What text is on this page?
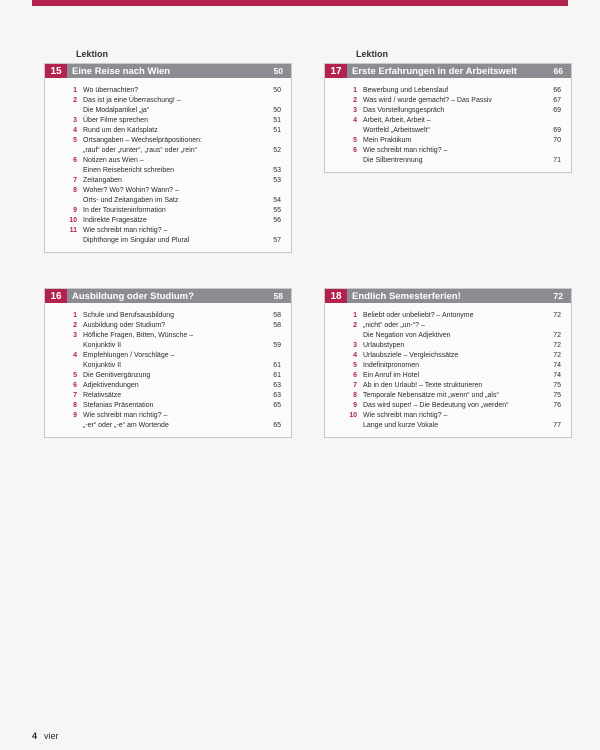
Lektion	Lektion
15	Eine Reise nach Wien	50
1 Wo übernachten?	50
2 Das ist ja eine Überraschung! –
Die Modalpartikel „ja“	50
3 Über Filme sprechen	51
4 Rund um den Karlsplatz	51
5 Ortsangaben – Wechselpräpositionen:
„rauf“ oder „runter“, „raus“ oder „rein“	52
6 Notizen aus Wien –
Einen Reisebericht schreiben	53
7 Zeitangaben	53
8 Woher? Wo? Wohin? Wann? –
Orts- und Zeitangaben im Satz	54
9 In der Touristeninformation	55
10 Indirekte Fragesätze	56
11 Wie schreibt man richtig? –
Diphthonge im Singular und Plural	57
17	Erste Erfahrungen in der Arbeitswelt	66
1 Bewerbung und Lebenslauf	66
2 Was wird / wurde gemacht? – Das Passiv	67
3 Das Vorstellungsgespräch	69
4 Arbeit, Arbeit, Arbeit –
Wortfeld „Arbeitswelt“	69
5 Mein Praktikum	70
6 Wie schreibt man richtig? –
Die Silbentrennung	71
16	Ausbildung oder Studium?	58
1 Schule und Berufsausbildung	58
2 Ausbildung oder Studium?	58
3 Höfliche Fragen, Bitten, Wünsche –
Konjunktiv II	59
4 Empfehlungen / Vorschläge –
Konjunktiv II	61
5 Die Genitivergänzung	61
6 Adjektivendungen	63
7 Relativsätze	63
8 Stefanias Präsentation	65
9 Wie schreibt man richtig? –
„-er“ oder „-e“ am Wortende	65
18	Endlich Semesterferien!	72
1 Beliebt oder unbeliebt? – Antonyme	72
2 „nicht“ oder „un-“? –
Die Negation von Adjektiven	72
3 Urlaubstypen	72
4 Urlaubsziele – Vergleichssätze	72
5 Indefinitpronomen	74
6 Ein Anruf im Hotel	74
7 Ab in den Urlaub! – Texte strukturieren	75
8 Temporale Nebensätze mit „wenn“ und „als“	75
9 Das wird super! – Die Bedeutung von „werden“	76
10 Wie schreibt man richtig? –
Lange und kurze Vokale	77
4 vier
